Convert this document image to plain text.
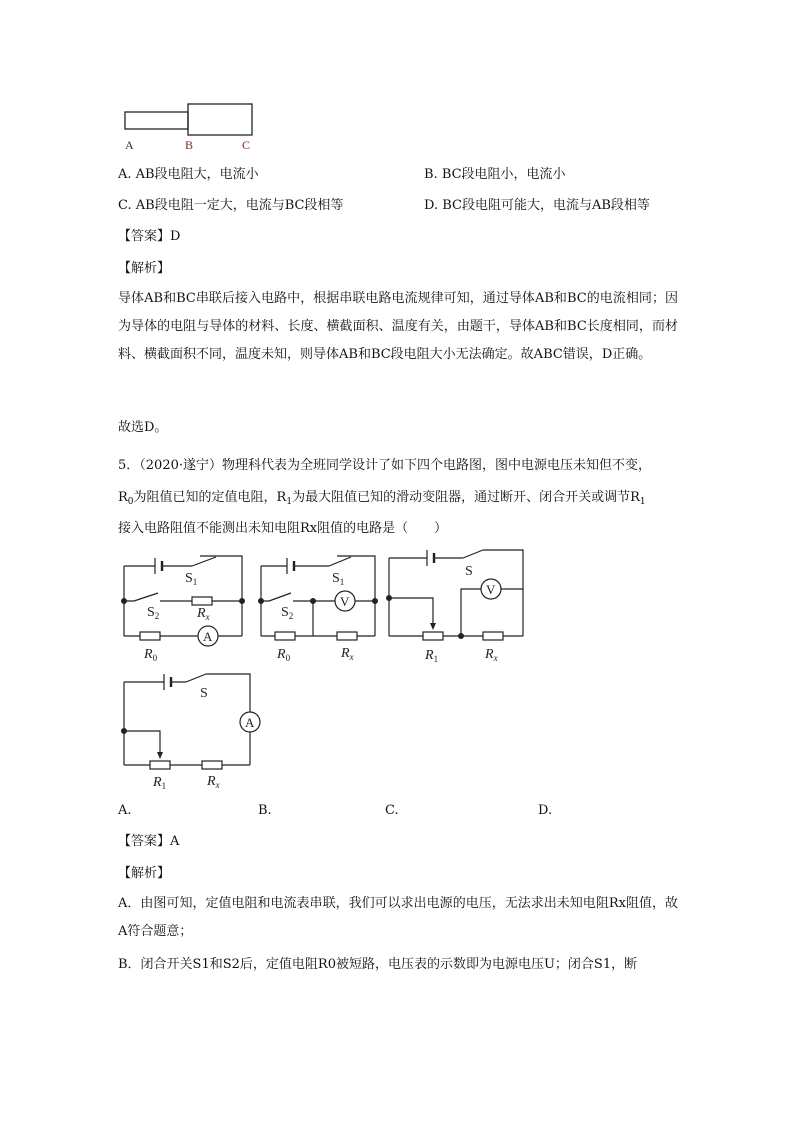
A	B	C
A. AB段电阻大，电流小	B. BC段电阻小，电流小
C. AB段电阻一定大，电流与BC段相等	D. BC段电阻可能大，电流与AB段相等
【答案】D
【解析】
导体AB和BC串联后接入电路中，根据串联电路电流规律可知，通过导体AB和BC的电流相同；因为导体的电阻与导体的材料、长度、横截面积、温度有关，由题干，导体AB和BC长度相同，而材料、横截面积不同，温度未知，则导体AB和BC段电阻大小无法确定。故ABC错误，D正确。
故选D。
5．（2020·遂宁）物理科代表为全班同学设计了如下四个电路图，图中电源电压未知但不变，
$R_0$为阻值已知的定值电阻，$R_1$为最大阻值已知的滑动变阻器，通过断开、闭合开关或调节$R_1$
接入电路阻值不能测出未知电阻Rx阻值的电路是（　　）
$S_1$
$S_2$	$R_x$
$R_0$
A
$S_1$
$S_2$
V
$R_0$	$R_x$
S
V
$R_1$	$R_x$
S
A
$R_1$	$R_x$
A.	B.	C.	D.
【答案】A
【解析】
A．由图可知，定值电阻和电流表串联，我们可以求出电源的电压，无法求出未知电阻Rx阻值，故A符合题意；
B．闭合开关S1和S2后，定值电阻R0被短路，电压表的示数即为电源电压U；闭合S1，断
